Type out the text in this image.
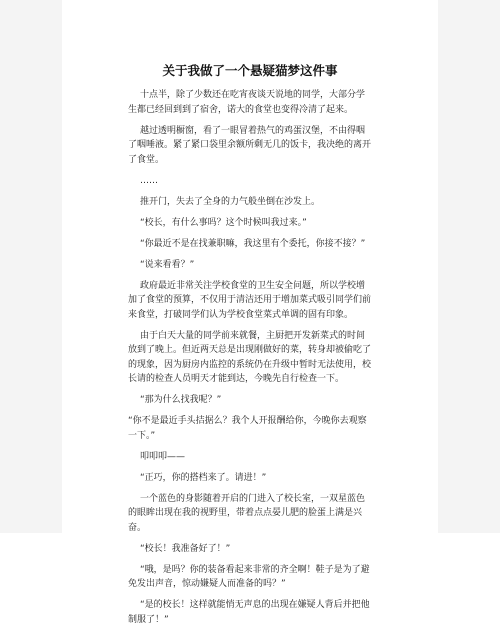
关于我做了一个悬疑猫梦这件事

十点半，除了少数还在吃宵夜谈天说地的同学，大部分学生都已经回到到了宿舍，诺大的食堂也变得冷清了起来。

越过透明橱窗，看了一眼冒着热气的鸡蛋汉堡，不由得咽了咽唾液。紧了紧口袋里余额所剩无几的饭卡，我决绝的离开了食堂。

……

推开门，失去了全身的力气般坐倒在沙发上。

“校长，有什么事吗？这个时候叫我过来。”

“你最近不是在找兼职嘛，我这里有个委托，你接不接？”

“说来看看？”

政府最近非常关注学校食堂的卫生安全问题，所以学校增加了食堂的预算，不仅用于清洁还用于增加菜式吸引同学们前来食堂，打破同学们认为学校食堂菜式单调的固有印象。

由于白天大量的同学前来就餐，主厨把开发新菜式的时间放到了晚上。但近两天总是出现刚做好的菜，转身却被偷吃了的现象，因为厨房内监控的系统仍在升级中暂时无法使用，校长请的检查人员明天才能到达，今晚先自行检查一下。

“那为什么找我呢？”

“你不是最近手头拮据么？我个人开报酬给你，今晚你去观察一下。”

叩叩叩——

“正巧，你的搭档来了。请进！”

一个蓝色的身影随着开启的门进入了校长室，一双星蓝色的眼眸出现在我的视野里，带着点点晏儿肥的脸蛋上满是兴奋。

“校长！我准备好了！”

“哦，是吗？你的装备看起来非常的齐全啊！鞋子是为了避免发出声音，惊动嫌疑人而准备的吗？”

“是的校长！这样就能悄无声息的出现在嫌疑人背后并把他制服了！”
